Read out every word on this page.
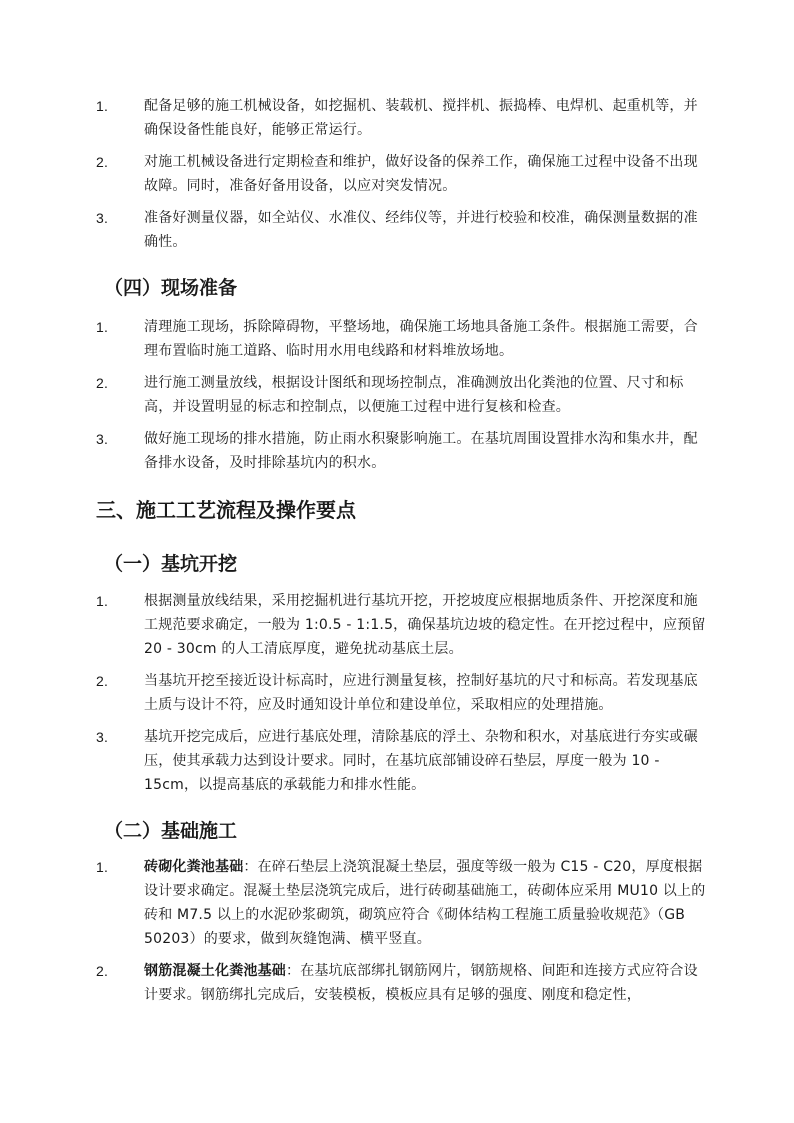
1.	配备足够的施工机械设备，如挖掘机、装载机、搅拌机、振捣棒、电焊机、起重机等，并确保设备性能良好，能够正常运行。
2.	对施工机械设备进行定期检查和维护，做好设备的保养工作，确保施工过程中设备不出现故障。同时，准备好备用设备，以应对突发情况。
3.	准备好测量仪器，如全站仪、水准仪、经纬仪等，并进行校验和校准，确保测量数据的准确性。
（四）现场准备
1.	清理施工现场，拆除障碍物，平整场地，确保施工场地具备施工条件。根据施工需要，合理布置临时施工道路、临时用水用电线路和材料堆放场地。
2.	进行施工测量放线，根据设计图纸和现场控制点，准确测放出化粪池的位置、尺寸和标高，并设置明显的标志和控制点，以便施工过程中进行复核和检查。
3.	做好施工现场的排水措施，防止雨水积聚影响施工。在基坑周围设置排水沟和集水井，配备排水设备，及时排除基坑内的积水。
三、施工工艺流程及操作要点
（一）基坑开挖
1.	根据测量放线结果，采用挖掘机进行基坑开挖，开挖坡度应根据地质条件、开挖深度和施工规范要求确定，一般为 1:0.5 - 1:1.5，确保基坑边坡的稳定性。在开挖过程中，应预留 20 - 30cm 的人工清底厚度，避免扰动基底土层。
2.	当基坑开挖至接近设计标高时，应进行测量复核，控制好基坑的尺寸和标高。若发现基底土质与设计不符，应及时通知设计单位和建设单位，采取相应的处理措施。
3.	基坑开挖完成后，应进行基底处理，清除基底的浮土、杂物和积水，对基底进行夯实或碾压，使其承载力达到设计要求。同时，在基坑底部铺设碎石垫层，厚度一般为 10 - 15cm，以提高基底的承载能力和排水性能。
（二）基础施工
1.	砖砌化粪池基础：在碎石垫层上浇筑混凝土垫层，强度等级一般为 C15 - C20，厚度根据设计要求确定。混凝土垫层浇筑完成后，进行砖砌基础施工，砖砌体应采用 MU10 以上的砖和 M7.5 以上的水泥砂浆砌筑，砌筑应符合《砌体结构工程施工质量验收规范》（GB 50203）的要求，做到灰缝饱满、横平竖直。
2.	钢筋混凝土化粪池基础：在基坑底部绑扎钢筋网片，钢筋规格、间距和连接方式应符合设计要求。钢筋绑扎完成后，安装模板，模板应具有足够的强度、刚度和稳定性，
